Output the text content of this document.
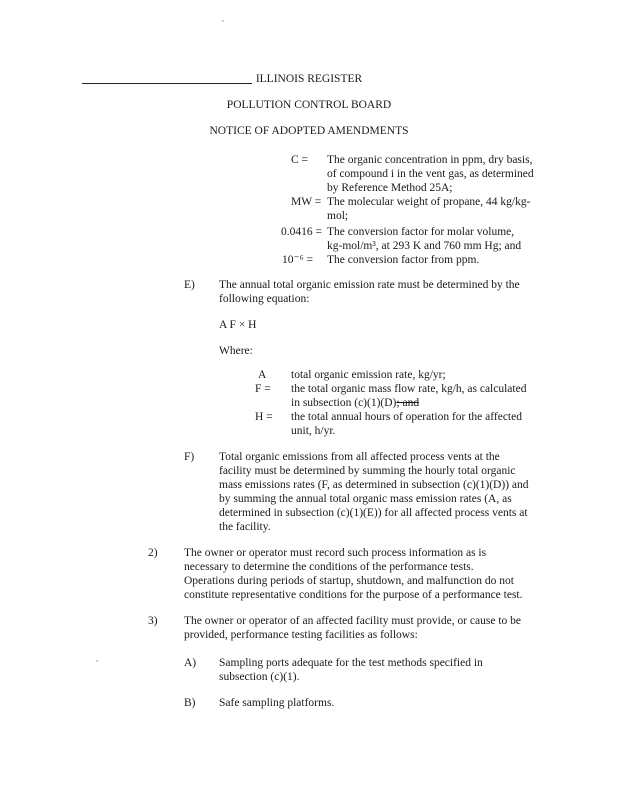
ILLINOIS REGISTER
POLLUTION CONTROL BOARD
NOTICE OF ADOPTED AMENDMENTS
C = The organic concentration in ppm, dry basis,
of compound i in the vent gas, as determined
by Reference Method 25A;
MW = The molecular weight of propane, 44 kg/kg-
mol;
0.0416 = The conversion factor for molar volume,
kg-mol/m³, at 293 K and 760 mm Hg; and
10⁻⁶ = The conversion factor from ppm.
E) The annual total organic emission rate must be determined by the
following equation:
A F × H
Where:
A total organic emission rate, kg/yr;
F = the total organic mass flow rate, kg/h, as calculated
in subsection (c)(1)(D); and
H = the total annual hours of operation for the affected
unit, h/yr.
F) Total organic emissions from all affected process vents at the
facility must be determined by summing the hourly total organic
mass emissions rates (F, as determined in subsection (c)(1)(D)) and
by summing the annual total organic mass emission rates (A, as
determined in subsection (c)(1)(E)) for all affected process vents at
the facility.
2) The owner or operator must record such process information as is
necessary to determine the conditions of the performance tests.
Operations during periods of startup, shutdown, and malfunction do not
constitute representative conditions for the purpose of a performance test.
3) The owner or operator of an affected facility must provide, or cause to be
provided, performance testing facilities as follows:
A) Sampling ports adequate for the test methods specified in
subsection (c)(1).
B) Safe sampling platforms.
